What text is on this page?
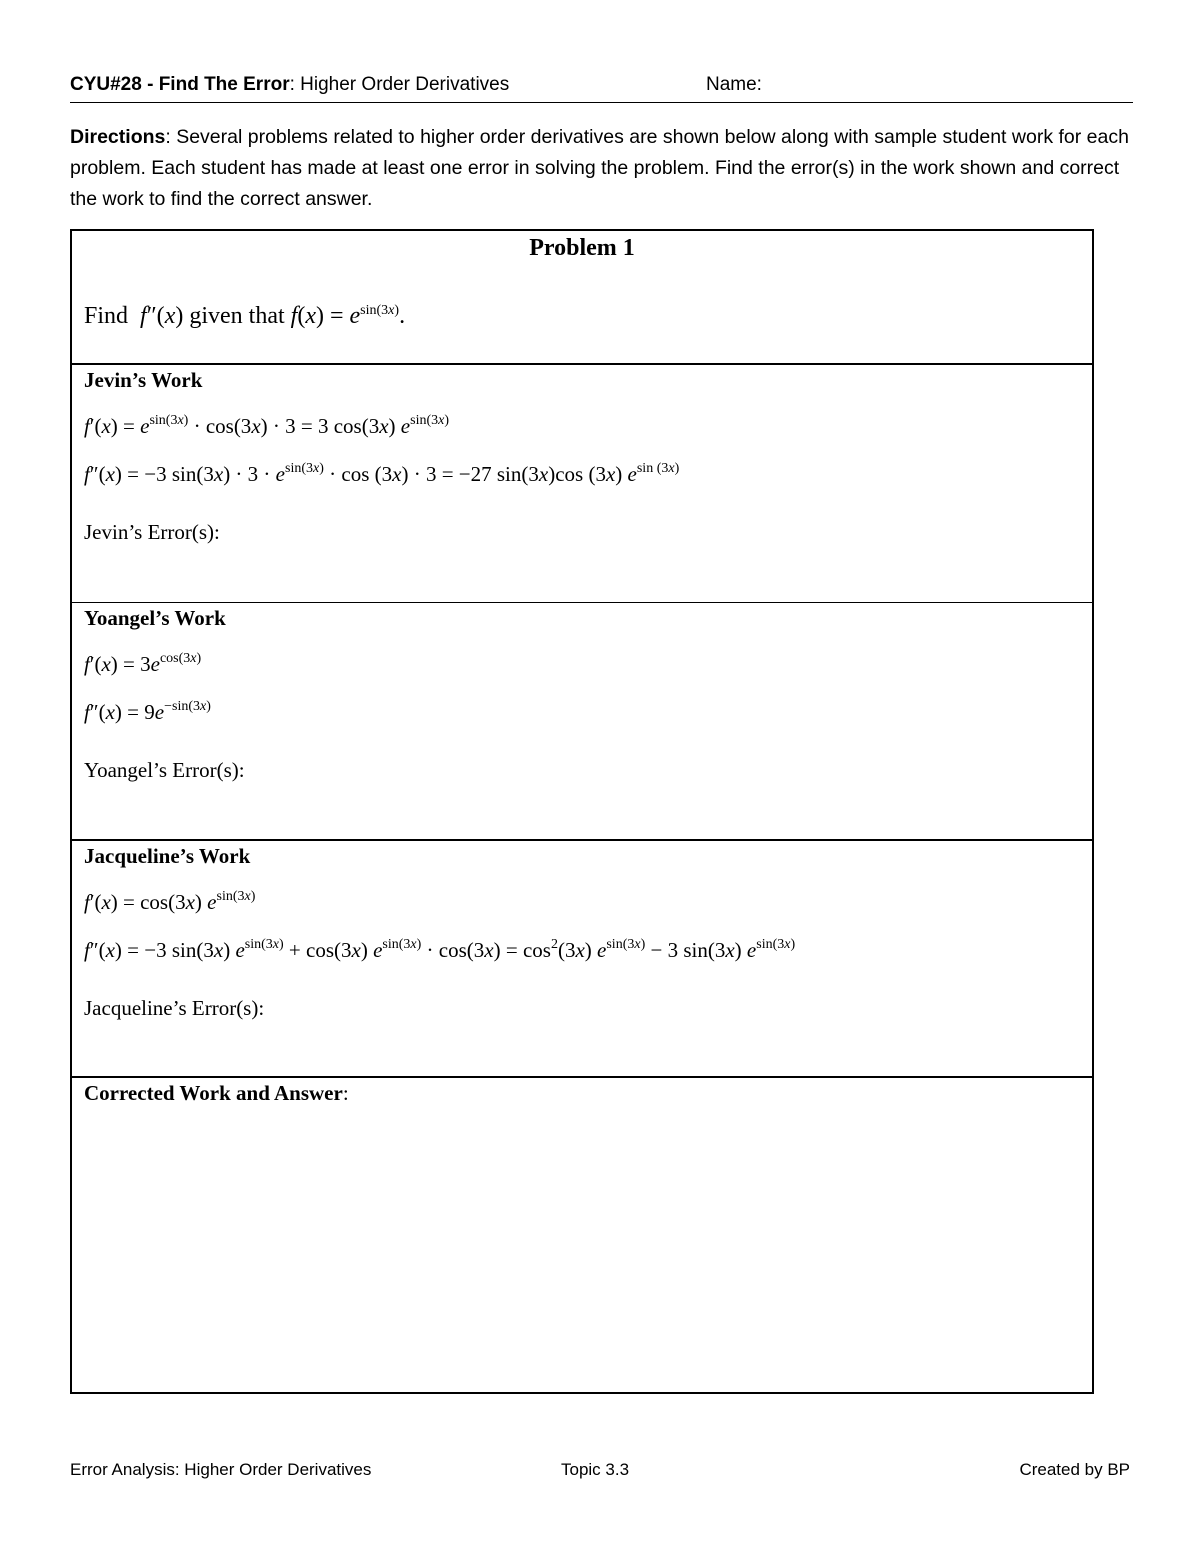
CYU#28 - Find The Error: Higher Order Derivatives	Name:
Directions: Several problems related to higher order derivatives are shown below along with sample student work for each problem. Each student has made at least one error in solving the problem. Find the error(s) in the work shown and correct the work to find the correct answer.
Problem 1
Find f″(x) given that $f(x) = e^{sin(3x)}$.
Jevin’s Work
$f'(x) = e^{sin(3x)} \cdot \cos(3x) \cdot 3 = 3$ cos(3x) $e^{sin(3x)}$
f″(x) = −3 $\sin(3x) \cdot 3 \cdot e^{sin(3x)} \cdot \cos (3x) \cdot 3 = -27$ sin(3x)cos (3x) $e^{sin (3x)}$
Jevin’s Error(s):
Yoangel’s Work
$f'(x) = 3e^{cos(3x)}$
$f''(x) = 9e^{-sin(3x)}$
Yoangel’s Error(s):
Jacqueline’s Work
f′(x) = cos(3x) $e^{sin(3x)}$
f″(x) = −3 sin(3x) $e^{sin(3x)} + \cos(3x) e^{sin(3x)} \cdot \cos(3x) = \cos^2(3x) e^{sin(3x)} - 3$ sin(3x) $e^{sin(3x)}$
Jacqueline’s Error(s):
Corrected Work and Answer:
Error Analysis: Higher Order Derivatives	Topic 3.3	Created by BP
